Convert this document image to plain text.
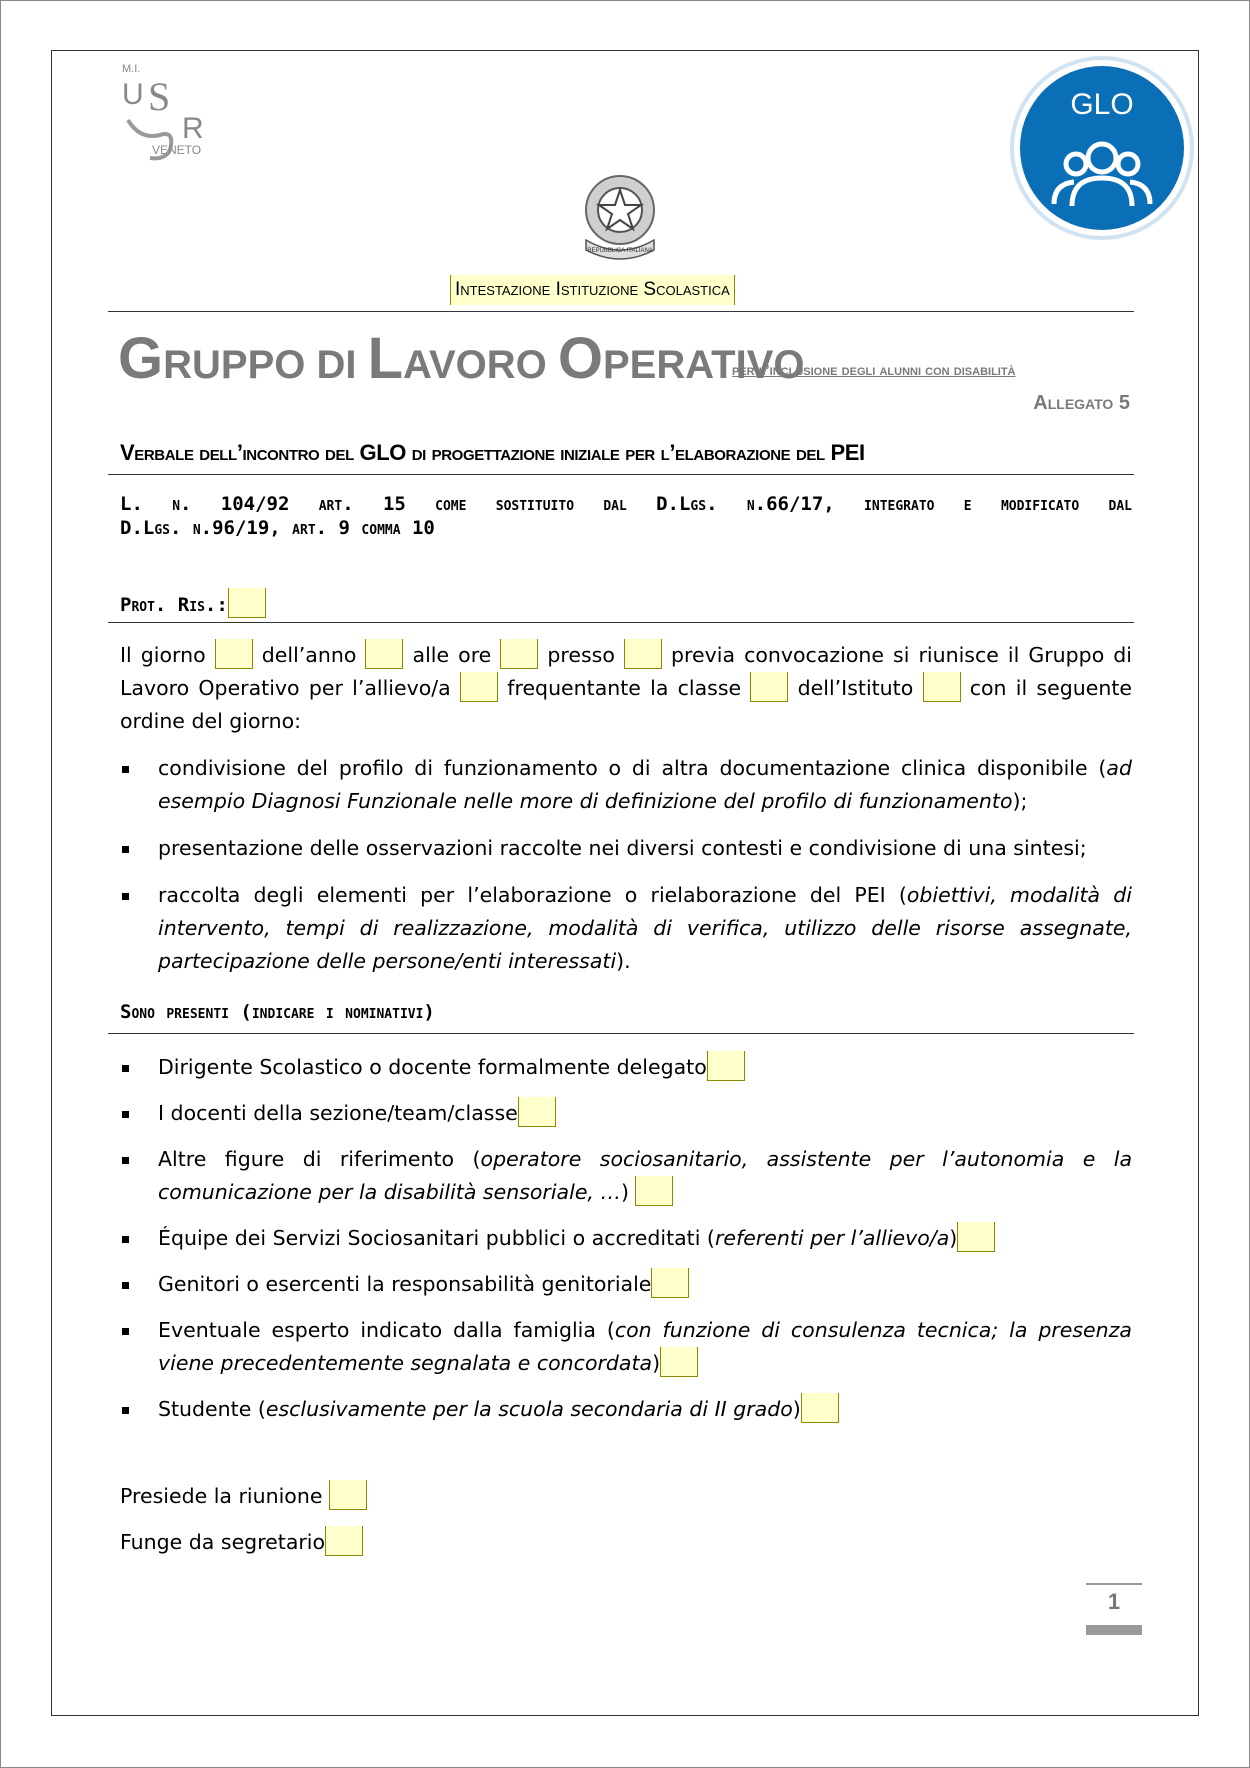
M.I.
U S
R
VENETO
REPUBBLICA ITALIANA
GLO
Intestazione Istituzione Scolastica
GRUPPO DI LAVORO OPERATIVO
per l’inclusione degli alunni con disabilità
Allegato 5
Verbale dell’incontro del GLO di progettazione iniziale per l’elaborazione del PEI
L. n. 104/92 art. 15 come sostituito dal D.Lgs. n.66/17, integrato e modificato dal
D.Lgs. n.96/19, art. 9 comma 10
Prot. Ris.:
Il giorno  dell’anno  alle ore  presso  previa convocazione si riunisce il Gruppo di Lavoro Operativo per l’allievo/a  frequentante la classe  dell’Istituto  con il seguente ordine del giorno:
condivisione del profilo di funzionamento o di altra documentazione clinica disponibile (ad esempio Diagnosi Funzionale nelle more di definizione del profilo di funzionamento);
presentazione delle osservazioni raccolte nei diversi contesti e condivisione di una sintesi;
raccolta degli elementi per l’elaborazione o rielaborazione del PEI (obiettivi, modalità di intervento, tempi di realizzazione, modalità di verifica, utilizzo delle risorse assegnate, partecipazione delle persone/enti interessati).
Sono presenti (indicare i nominativi)
Dirigente Scolastico o docente formalmente delegato
I docenti della sezione/team/classe
Altre figure di riferimento (operatore sociosanitario, assistente per l’autonomia e la comunicazione per la disabilità sensoriale, …)
Équipe dei Servizi Sociosanitari pubblici o accreditati (referenti per l’allievo/a)
Genitori o esercenti la responsabilità genitoriale
Eventuale esperto indicato dalla famiglia (con funzione di consulenza tecnica; la presenza viene precedentemente segnalata e concordata)
Studente (esclusivamente per la scuola secondaria di II grado)
Presiede la riunione
Funge da segretario
1
